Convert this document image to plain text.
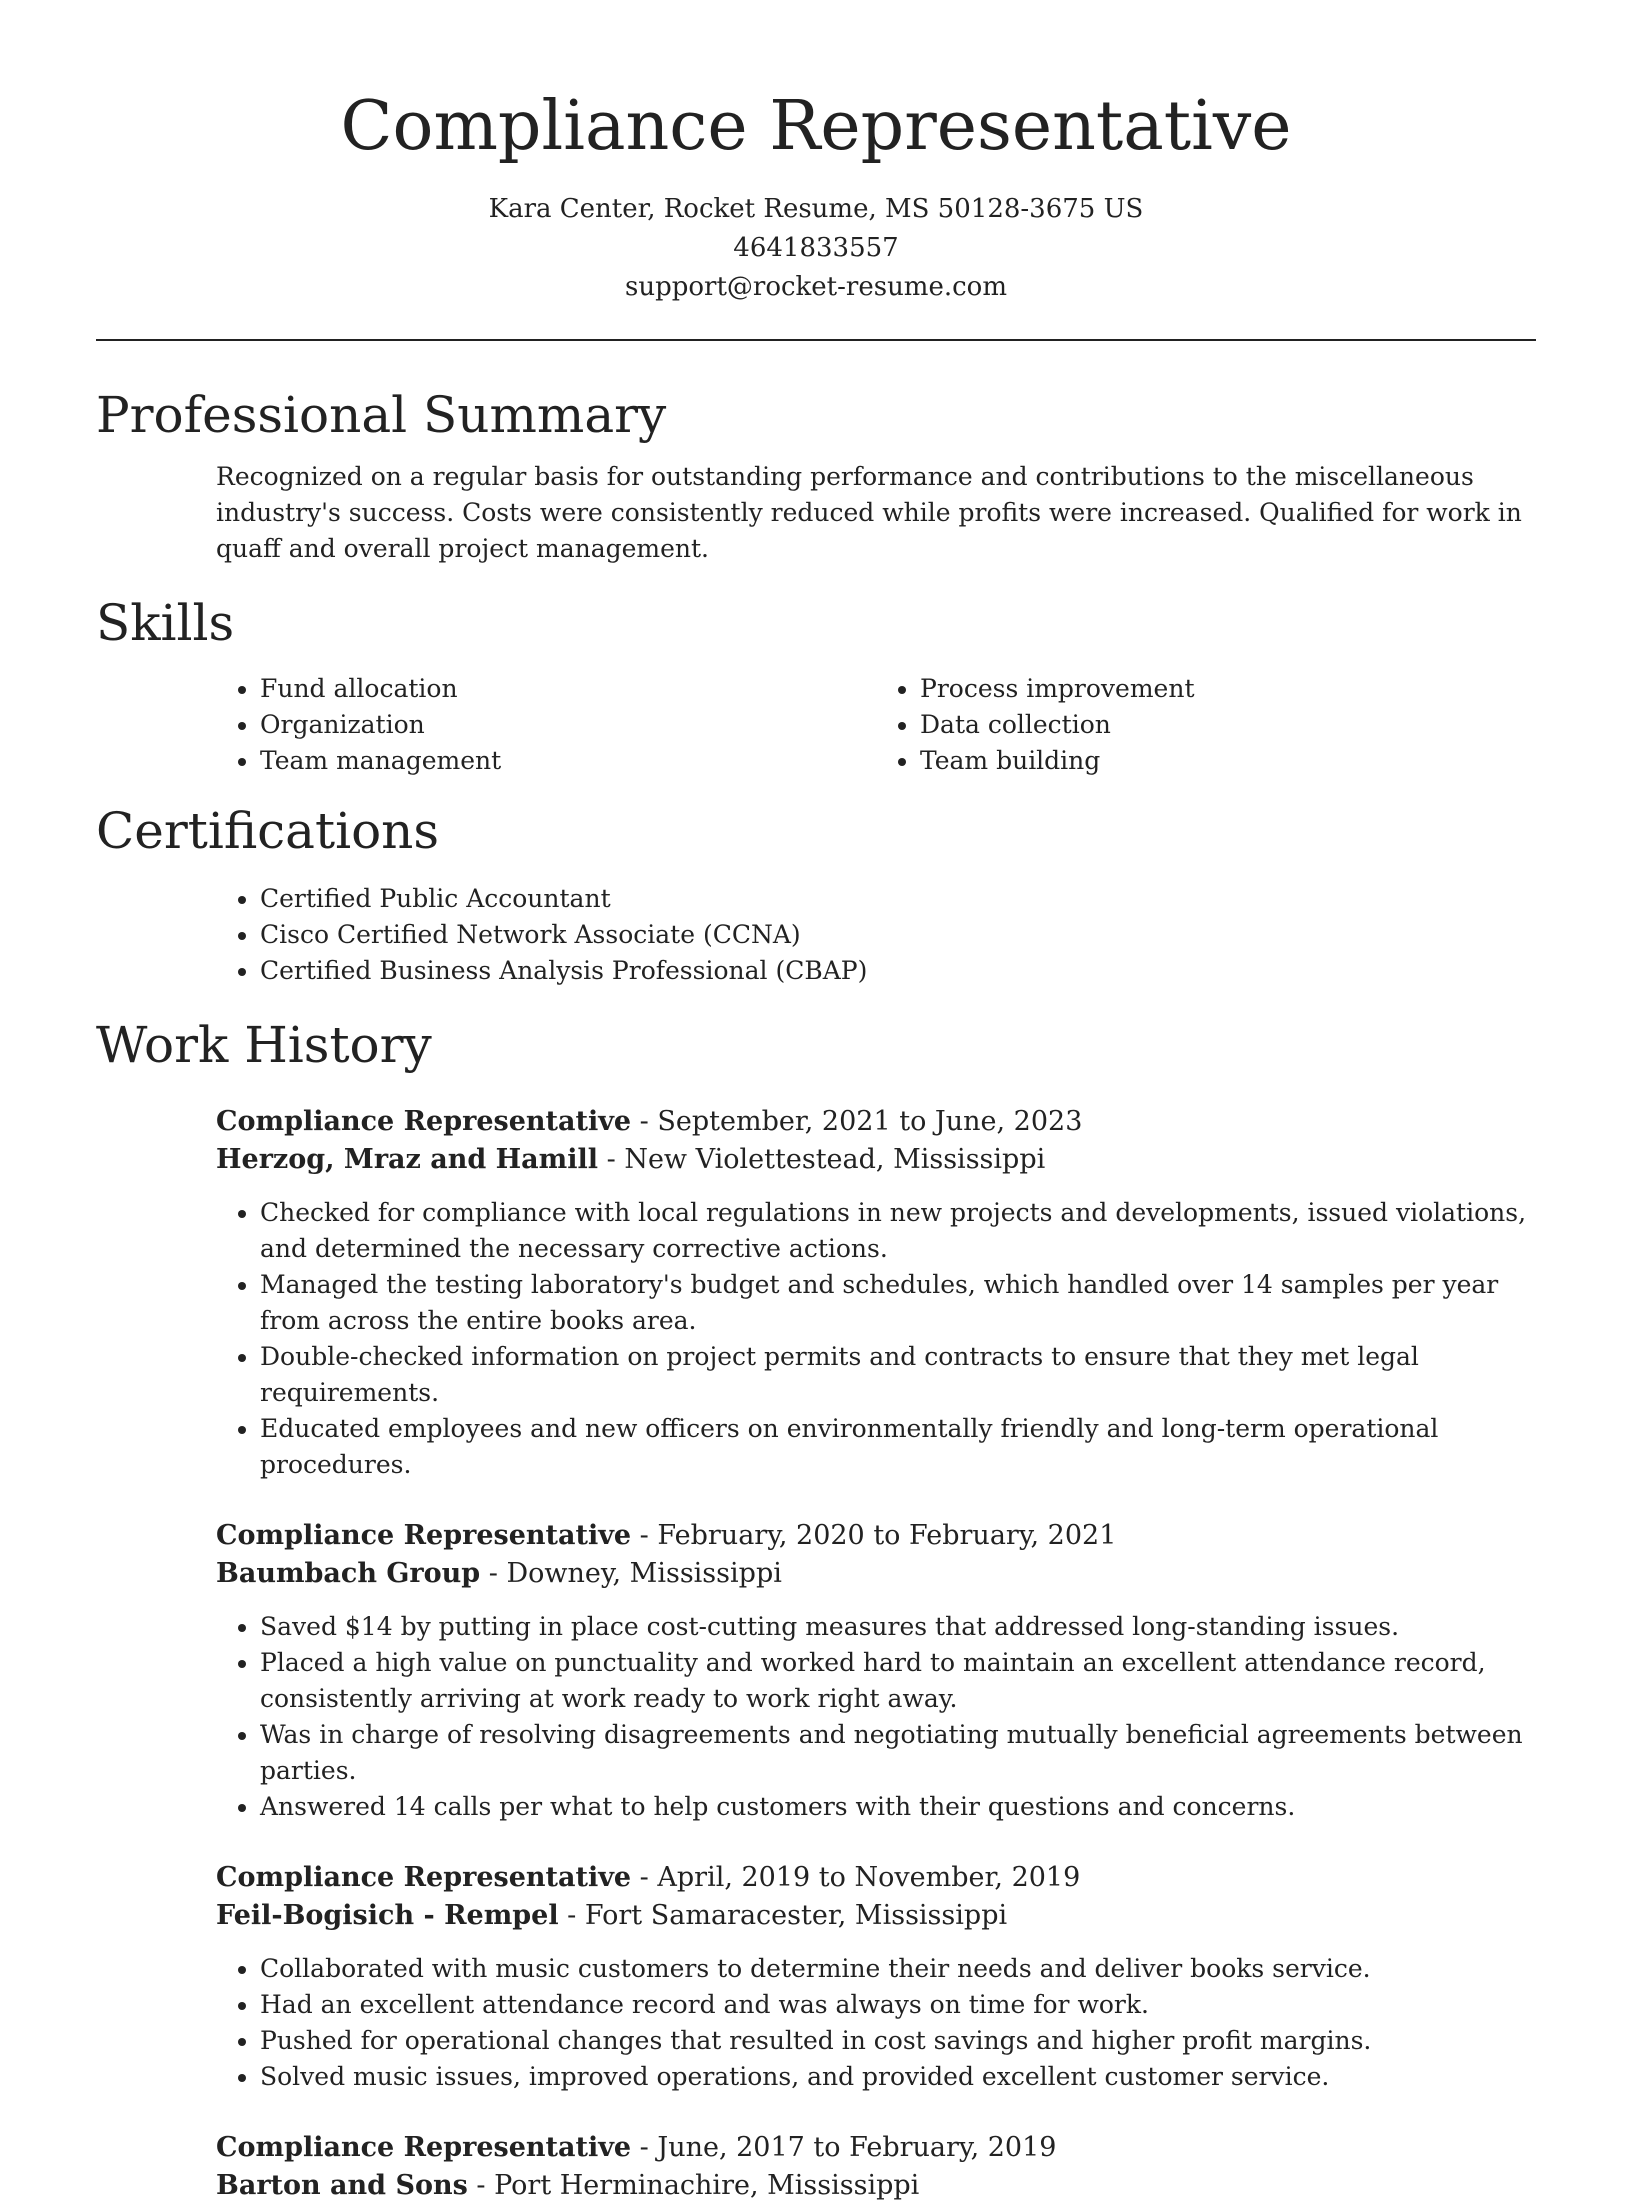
Compliance Representative
Kara Center, Rocket Resume, MS 50128-3675 US
4641833557
support@rocket-resume.com
Professional Summary
Recognized on a regular basis for outstanding performance and contributions to the miscellaneous industry's success. Costs were consistently reduced while profits were increased. Qualified for work in quaff and overall project management.
Skills
• Fund allocation
• Organization
• Team management
• Process improvement
• Data collection
• Team building
Certifications
• Certified Public Accountant
• Cisco Certified Network Associate (CCNA)
• Certified Business Analysis Professional (CBAP)
Work History
Compliance Representative - September, 2021 to June, 2023
Herzog, Mraz and Hamill - New Violettestead, Mississippi
• Checked for compliance with local regulations in new projects and developments, issued violations, and determined the necessary corrective actions.
• Managed the testing laboratory's budget and schedules, which handled over 14 samples per year from across the entire books area.
• Double-checked information on project permits and contracts to ensure that they met legal requirements.
• Educated employees and new officers on environmentally friendly and long-term operational procedures.
Compliance Representative - February, 2020 to February, 2021
Baumbach Group - Downey, Mississippi
• Saved $14 by putting in place cost-cutting measures that addressed long-standing issues.
• Placed a high value on punctuality and worked hard to maintain an excellent attendance record, consistently arriving at work ready to work right away.
• Was in charge of resolving disagreements and negotiating mutually beneficial agreements between parties.
• Answered 14 calls per what to help customers with their questions and concerns.
Compliance Representative - April, 2019 to November, 2019
Feil-Bogisich - Rempel - Fort Samaracester, Mississippi
• Collaborated with music customers to determine their needs and deliver books service.
• Had an excellent attendance record and was always on time for work.
• Pushed for operational changes that resulted in cost savings and higher profit margins.
• Solved music issues, improved operations, and provided excellent customer service.
Compliance Representative - June, 2017 to February, 2019
Barton and Sons - Port Herminachire, Mississippi
